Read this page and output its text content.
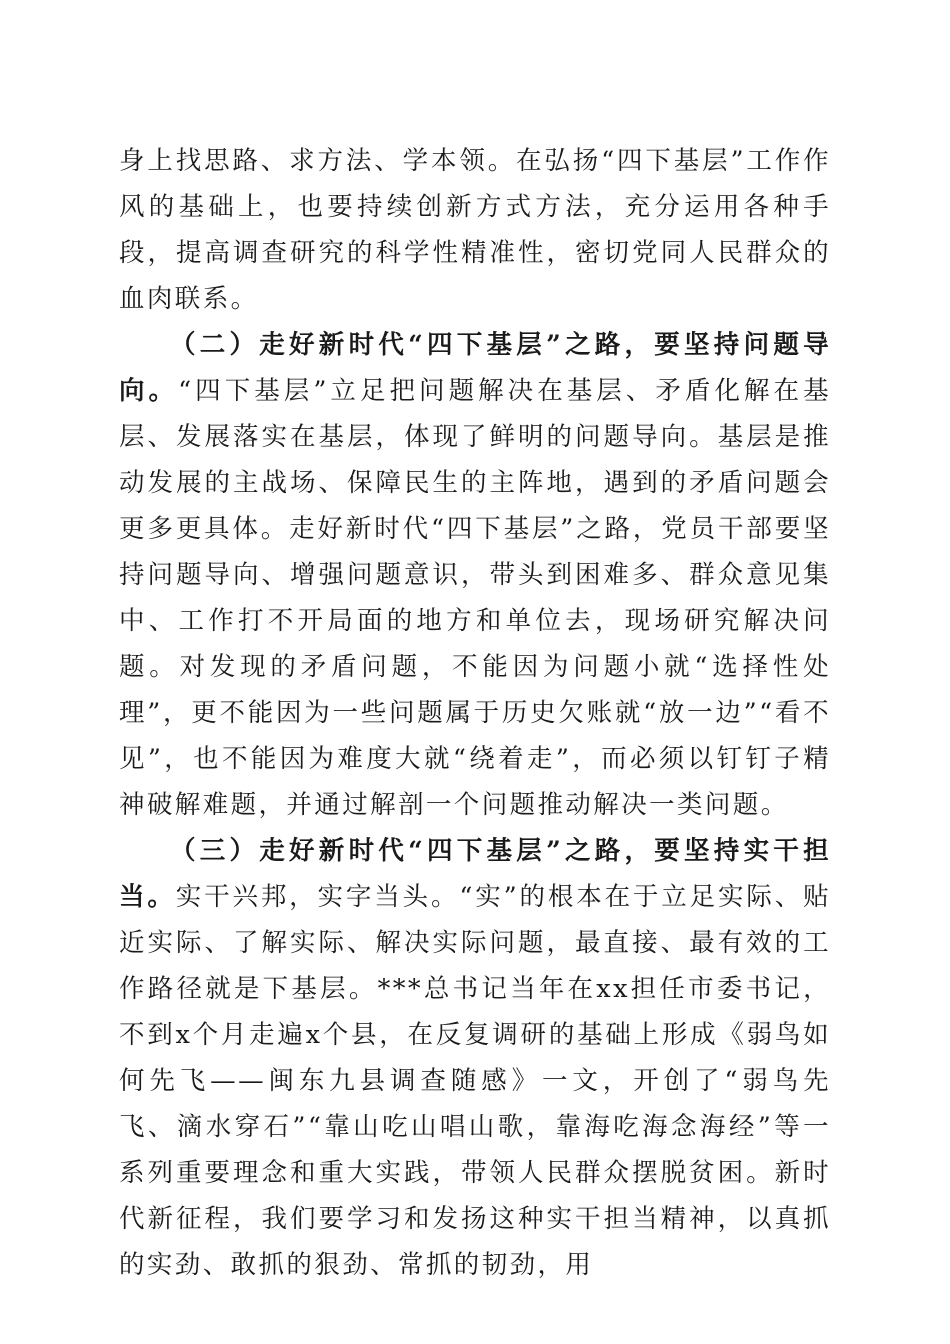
身上找思路、求方法、学本领。在弘扬“四下基层”工作作风的基础上，也要持续创新方式方法，充分运用各种手段，提高调查研究的科学性精准性，密切党同人民群众的血肉联系。

（二）走好新时代“四下基层”之路，要坚持问题导向。“四下基层”立足把问题解决在基层、矛盾化解在基层、发展落实在基层，体现了鲜明的问题导向。基层是推动发展的主战场、保障民生的主阵地，遇到的矛盾问题会更多更具体。走好新时代“四下基层”之路，党员干部要坚持问题导向、增强问题意识，带头到困难多、群众意见集中、工作打不开局面的地方和单位去，现场研究解决问题。对发现的矛盾问题，不能因为问题小就“选择性处理”，更不能因为一些问题属于历史欠账就“放一边”“看不见”，也不能因为难度大就“绕着走”，而必须以钉钉子精神破解难题，并通过解剖一个问题推动解决一类问题。

（三）走好新时代“四下基层”之路，要坚持实干担当。实干兴邦，实字当头。“实”的根本在于立足实际、贴近实际、了解实际、解决实际问题，最直接、最有效的工作路径就是下基层。***总书记当年在xx担任市委书记，不到x个月走遍x个县，在反复调研的基础上形成《弱鸟如何先飞——闽东九县调查随感》一文，开创了“弱鸟先飞、滴水穿石”“靠山吃山唱山歌，靠海吃海念海经”等一系列重要理念和重大实践，带领人民群众摆脱贫困。新时代新征程，我们要学习和发扬这种实干担当精神，以真抓的实劲、敢抓的狠劲、常抓的韧劲，用
